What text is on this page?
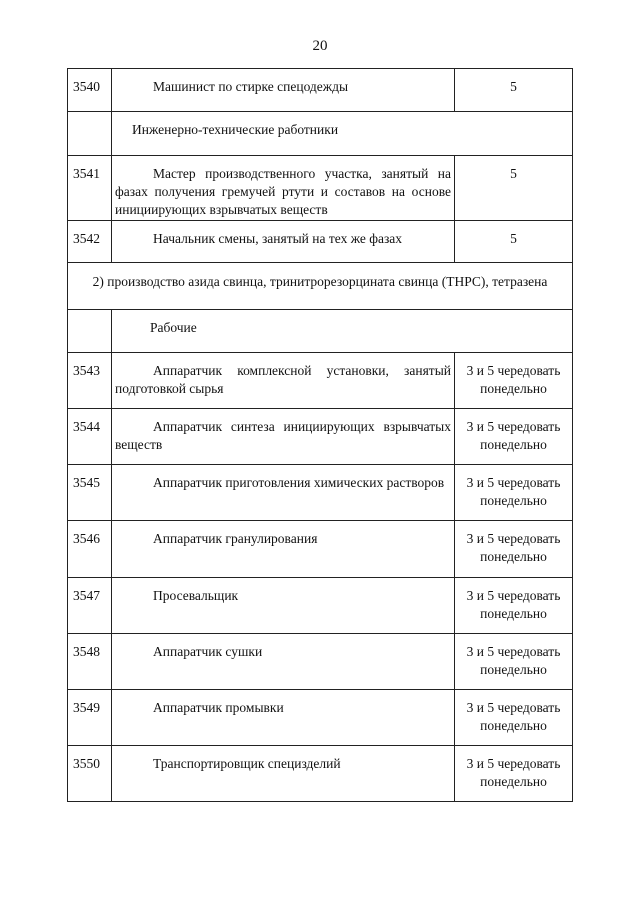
20
3540	Машинист по стирке спецодежды	5
	Инженерно-технические работники	
3541	Мастер производственного участка, занятый на фазах получения гремучей ртути и составов на основе инициирующих взрывчатых веществ	5
3542	Начальник смены, занятый на тех же фазах	5
2) производство азида свинца, тринитрорезорцината свинца (ТНРС), тетразена		
	Рабочие	
3543	Аппаратчик комплексной установки, занятый подготовкой сырья	3 и 5 чередовать понедельно
3544	Аппаратчик синтеза инициирующих взрывчатых веществ	3 и 5 чередовать понедельно
3545	Аппаратчик приготовления химических растворов	3 и 5 чередовать понедельно
3546	Аппаратчик гранулирования	3 и 5 чередовать понедельно
3547	Просевальщик	3 и 5 чередовать понедельно
3548	Аппаратчик сушки	3 и 5 чередовать понедельно
3549	Аппаратчик промывки	3 и 5 чередовать понедельно
3550	Транспортировщик специзделий	3 и 5 чередовать понедельно
